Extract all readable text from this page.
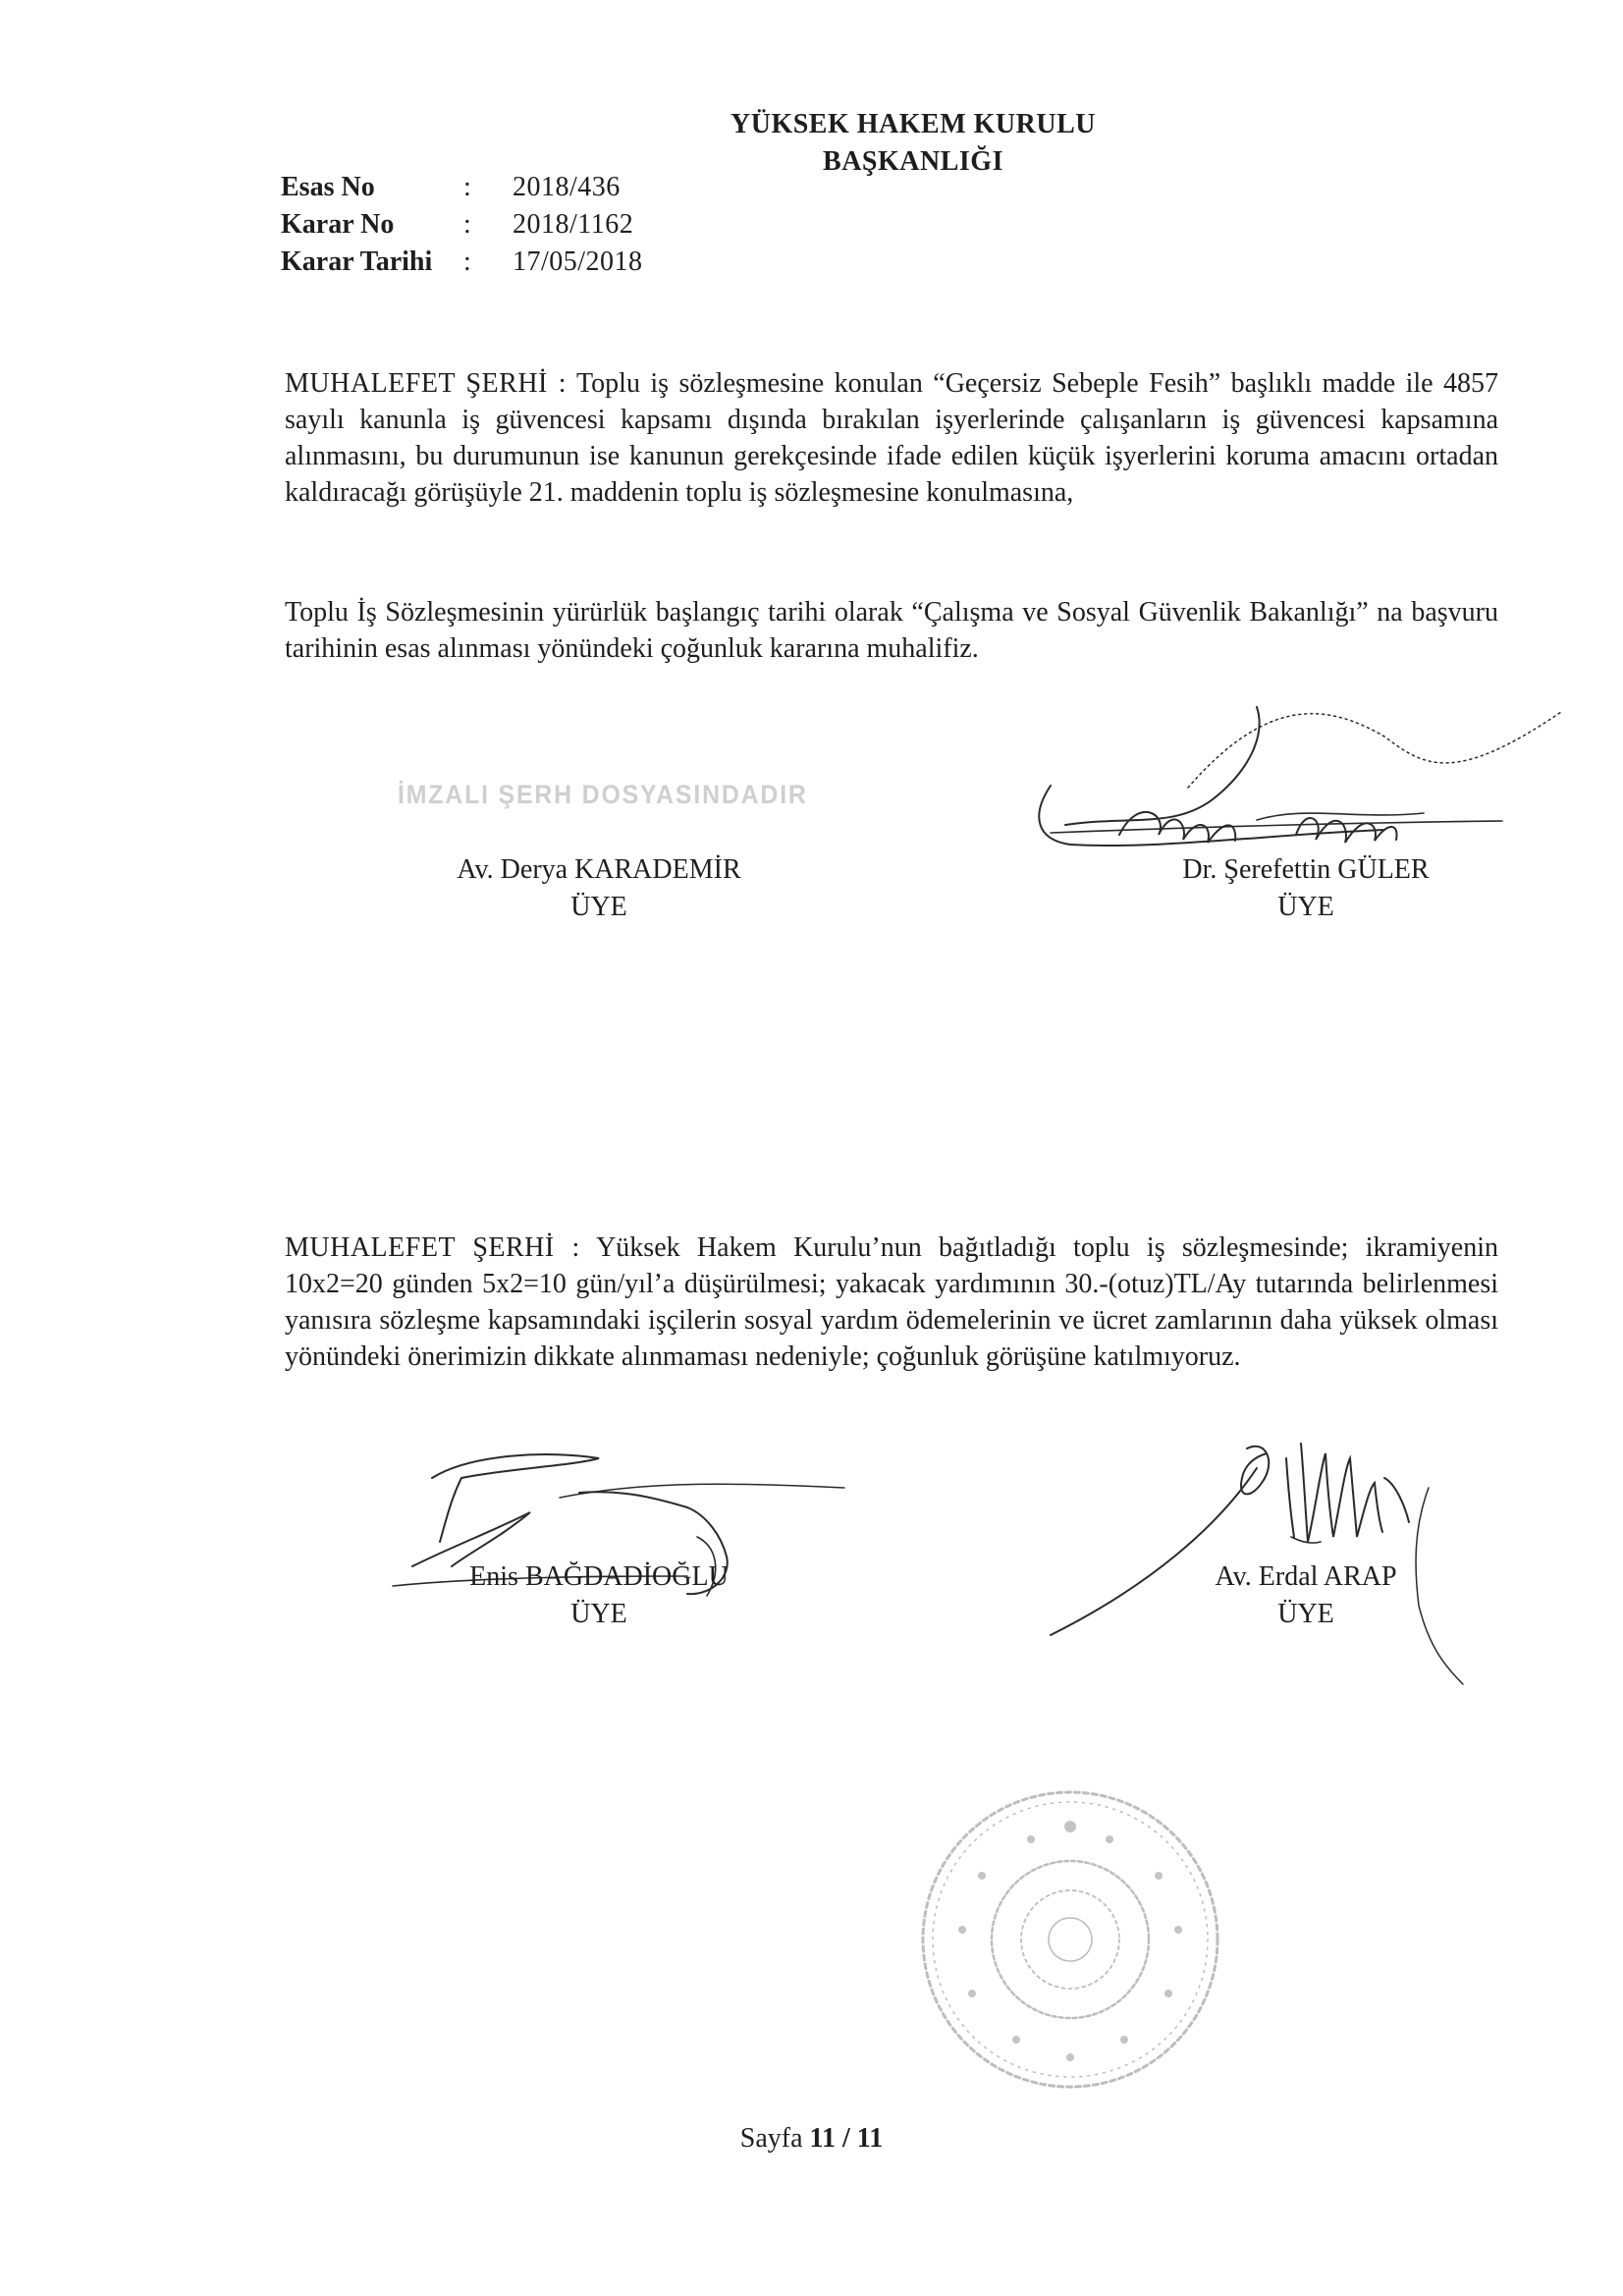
YÜKSEK HAKEM KURULU
BAŞKANLIĞI
Esas No	:	2018/436
Karar No	:	2018/1162
Karar Tarihi	:	17/05/2018
MUHALEFET ŞERHİ : Toplu iş sözleşmesine konulan “Geçersiz Sebeple Fesih” başlıklı madde ile 4857 sayılı kanunla iş güvencesi kapsamı dışında bırakılan işyerlerinde çalışanların iş güvencesi kapsamına alınmasını, bu durumunun ise kanunun gerekçesinde ifade edilen küçük işyerlerini koruma amacını ortadan kaldıracağı görüşüyle 21. maddenin toplu iş sözleşmesine konulmasına,
Toplu İş Sözleşmesinin yürürlük başlangıç tarihi olarak “Çalışma ve Sosyal Güvenlik Bakanlığı” na başvuru tarihinin esas alınması yönündeki çoğunluk kararına muhalifiz.
İMZALI ŞERH DOSYASINDADIR
Av. Derya KARADEMİR
ÜYE
Dr. Şerefettin GÜLER
ÜYE
MUHALEFET ŞERHİ : Yüksek Hakem Kurulu’nun bağıtladığı toplu iş sözleşmesinde; ikramiyenin 10x2=20 günden 5x2=10 gün/yıl’a düşürülmesi; yakacak yardımının 30.-(otuz)TL/Ay tutarında belirlenmesi yanısıra sözleşme kapsamındaki işçilerin sosyal yardım ödemelerinin ve ücret zamlarının daha yüksek olması yönündeki önerimizin dikkate alınmaması nedeniyle; çoğunluk görüşüne katılmıyoruz.
Enis BAĞDADİOĞLU
ÜYE
Av. Erdal ARAP
ÜYE
Sayfa 11 / 11
